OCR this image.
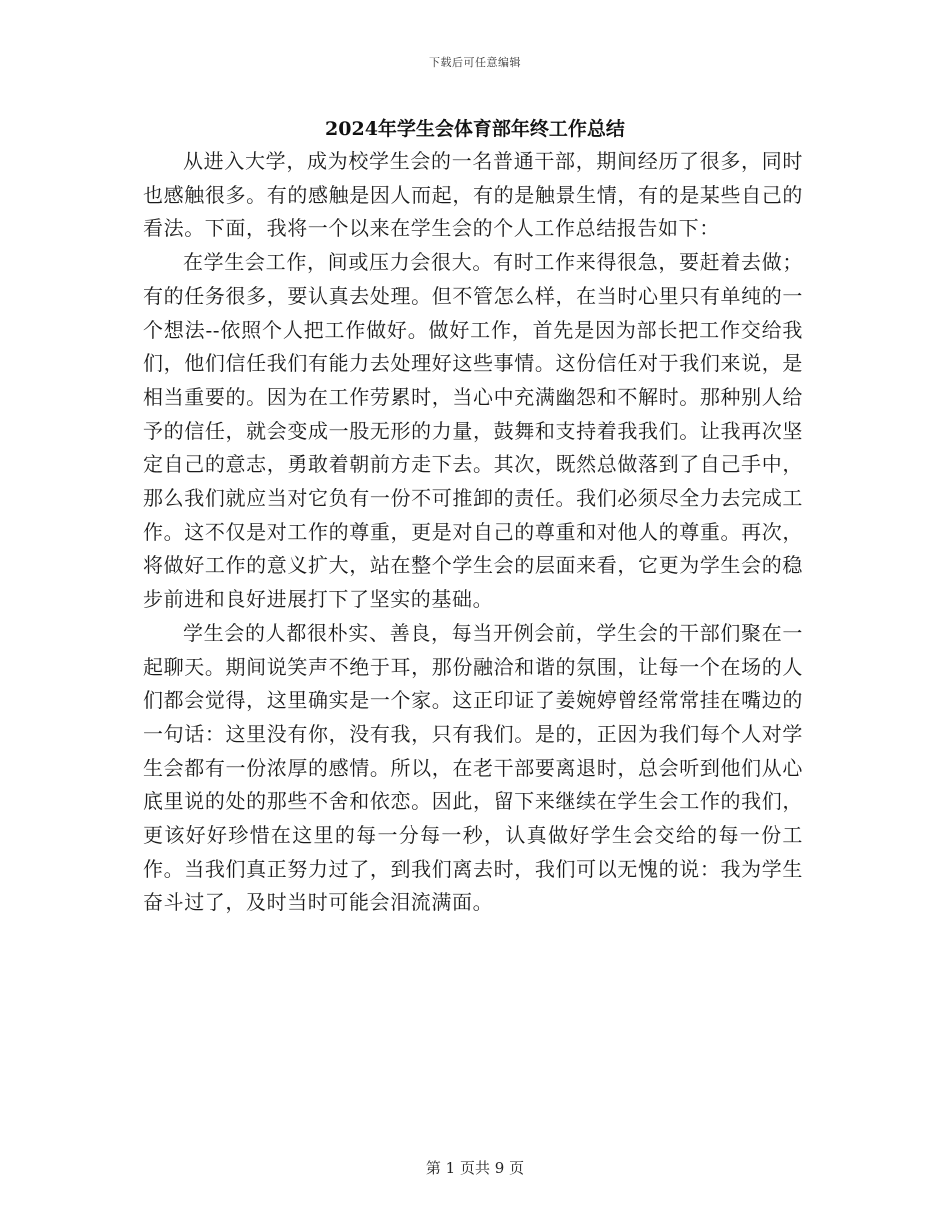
下载后可任意编辑
2024年学生会体育部年终工作总结

从进入大学，成为校学生会的一名普通干部，期间经历了很多，同时也感触很多。有的感触是因人而起，有的是触景生情，有的是某些自己的看法。下面，我将一个以来在学生会的个人工作总结报告如下：

在学生会工作，间或压力会很大。有时工作来得很急，要赶着去做；有的任务很多，要认真去处理。但不管怎么样，在当时心里只有单纯的一个想法--依照个人把工作做好。做好工作，首先是因为部长把工作交给我们，他们信任我们有能力去处理好这些事情。这份信任对于我们来说，是相当重要的。因为在工作劳累时，当心中充满幽怨和不解时。那种别人给予的信任，就会变成一股无形的力量，鼓舞和支持着我我们。让我再次坚定自己的意志，勇敢着朝前方走下去。其次，既然总做落到了自己手中，那么我们就应当对它负有一份不可推卸的责任。我们必须尽全力去完成工作。这不仅是对工作的尊重，更是对自己的尊重和对他人的尊重。再次，将做好工作的意义扩大，站在整个学生会的层面来看，它更为学生会的稳步前进和良好进展打下了坚实的基础。

学生会的人都很朴实、善良，每当开例会前，学生会的干部们聚在一起聊天。期间说笑声不绝于耳，那份融洽和谐的氛围，让每一个在场的人们都会觉得，这里确实是一个家。这正印证了姜婉婷曾经常常挂在嘴边的一句话：这里没有你，没有我，只有我们。是的，正因为我们每个人对学生会都有一份浓厚的感情。所以，在老干部要离退时，总会听到他们从心底里说的处的那些不舍和依恋。因此，留下来继续在学生会工作的我们，更该好好珍惜在这里的每一分每一秒，认真做好学生会交给的每一份工作。当我们真正努力过了，到我们离去时，我们可以无愧的说：我为学生奋斗过了，及时当时可能会泪流满面。

第 1 页共 9 页
